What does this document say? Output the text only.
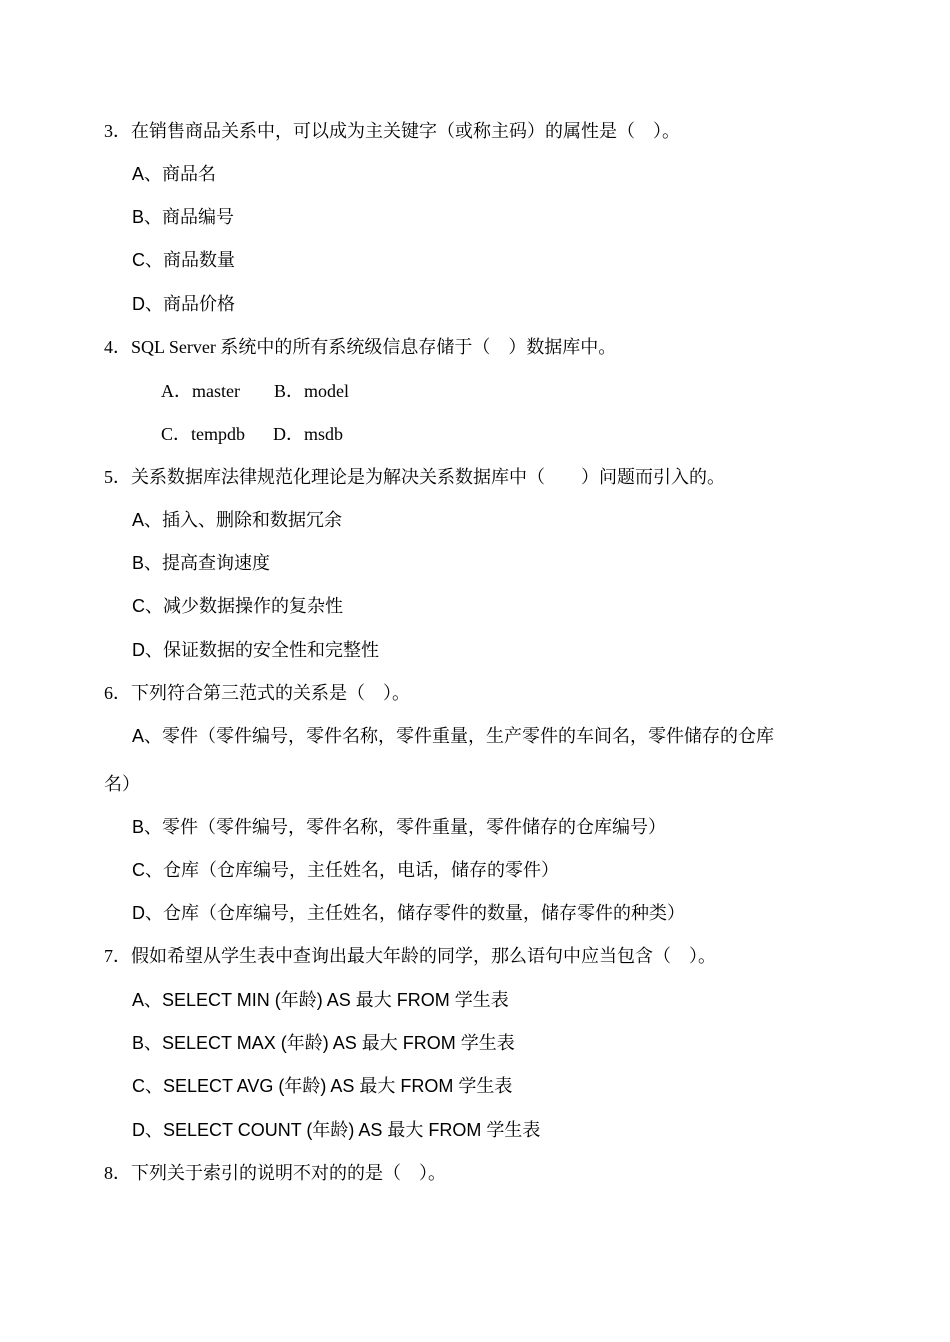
3．在销售商品关系中，可以成为主关键字（或称主码）的属性是（　）。
A、商品名
B、商品编号
C、商品数量
D、商品价格
4．SQL Server 系统中的所有系统级信息存储于（　）数据库中。
A．master B．model
C．tempdb D．msdb
5．关系数据库法律规范化理论是为解决关系数据库中（　　）问题而引入的。
A、插入、删除和数据冗余
B、提高查询速度
C、减少数据操作的复杂性
D、保证数据的安全性和完整性
6．下列符合第三范式的关系是（　）。
A、零件（零件编号，零件名称，零件重量，生产零件的车间名，零件储存的仓库
名）
B、零件（零件编号，零件名称，零件重量，零件储存的仓库编号）
C、仓库（仓库编号，主任姓名，电话，储存的零件）
D、仓库（仓库编号，主任姓名，储存零件的数量，储存零件的种类）
7．假如希望从学生表中查询出最大年龄的同学，那么语句中应当包含（　）。
A、SELECT MIN (年龄) AS 最大 FROM 学生表
B、SELECT MAX (年龄) AS 最大 FROM 学生表
C、SELECT AVG (年龄) AS 最大 FROM 学生表
D、SELECT COUNT (年龄) AS 最大 FROM 学生表
8．下列关于索引的说明不对的的是（　）。
